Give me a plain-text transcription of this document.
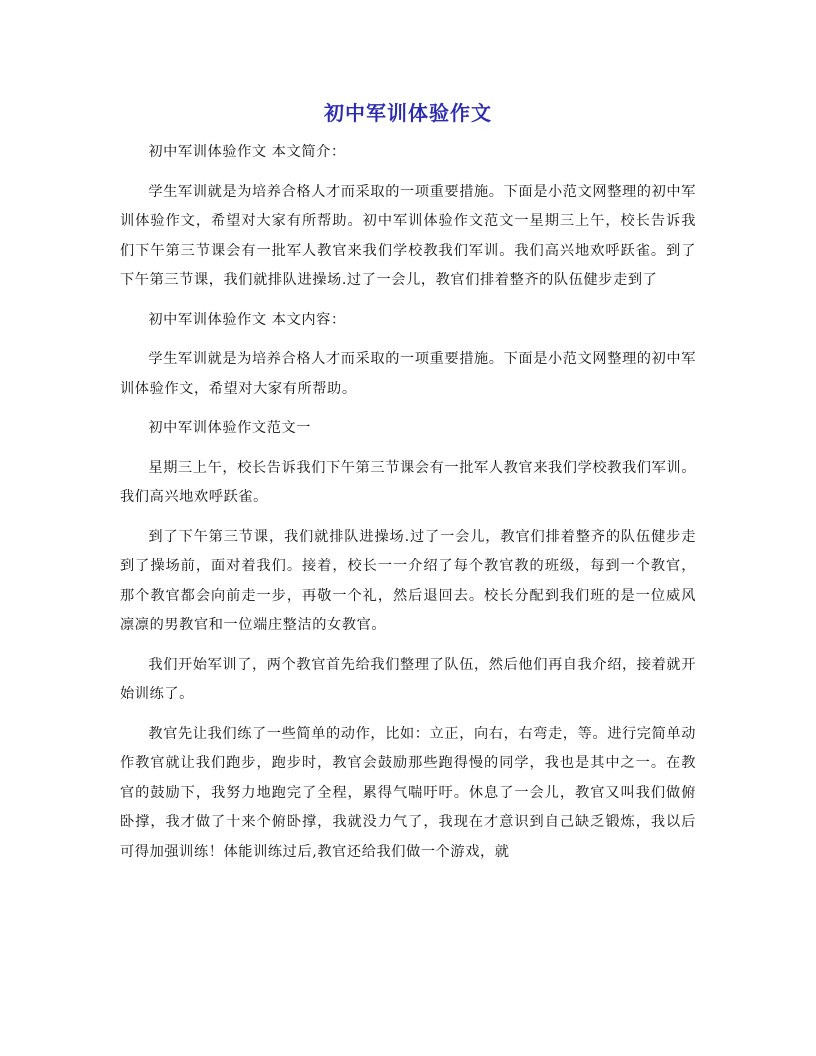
初中军训体验作文

初中军训体验作文 本文简介：

学生军训就是为培养合格人才而采取的一项重要措施。下面是小范文网整理的初中军训体验作文，希望对大家有所帮助。初中军训体验作文范文一星期三上午，校长告诉我们下午第三节课会有一批军人教官来我们学校教我们军训。我们高兴地欢呼跃雀。到了下午第三节课，我们就排队进操场.过了一会儿，教官们排着整齐的队伍健步走到了

初中军训体验作文 本文内容：

学生军训就是为培养合格人才而采取的一项重要措施。下面是小范文网整理的初中军训体验作文，希望对大家有所帮助。

初中军训体验作文范文一

星期三上午，校长告诉我们下午第三节课会有一批军人教官来我们学校教我们军训。我们高兴地欢呼跃雀。

到了下午第三节课，我们就排队进操场.过了一会儿，教官们排着整齐的队伍健步走到了操场前，面对着我们。接着，校长一一介绍了每个教官教的班级，每到一个教官，那个教官都会向前走一步，再敬一个礼，然后退回去。校长分配到我们班的是一位威风凛凛的男教官和一位端庄整洁的女教官。

我们开始军训了，两个教官首先给我们整理了队伍，然后他们再自我介绍，接着就开始训练了。

教官先让我们练了一些简单的动作，比如：立正，向右，右弯走，等。进行完简单动作教官就让我们跑步，跑步时，教官会鼓励那些跑得慢的同学，我也是其中之一。在教官的鼓励下，我努力地跑完了全程，累得气喘吁吁。休息了一会儿，教官又叫我们做俯卧撑，我才做了十来个俯卧撑，我就没力气了，我现在才意识到自己缺乏锻炼，我以后可得加强训练！体能训练过后,教官还给我们做一个游戏，就
